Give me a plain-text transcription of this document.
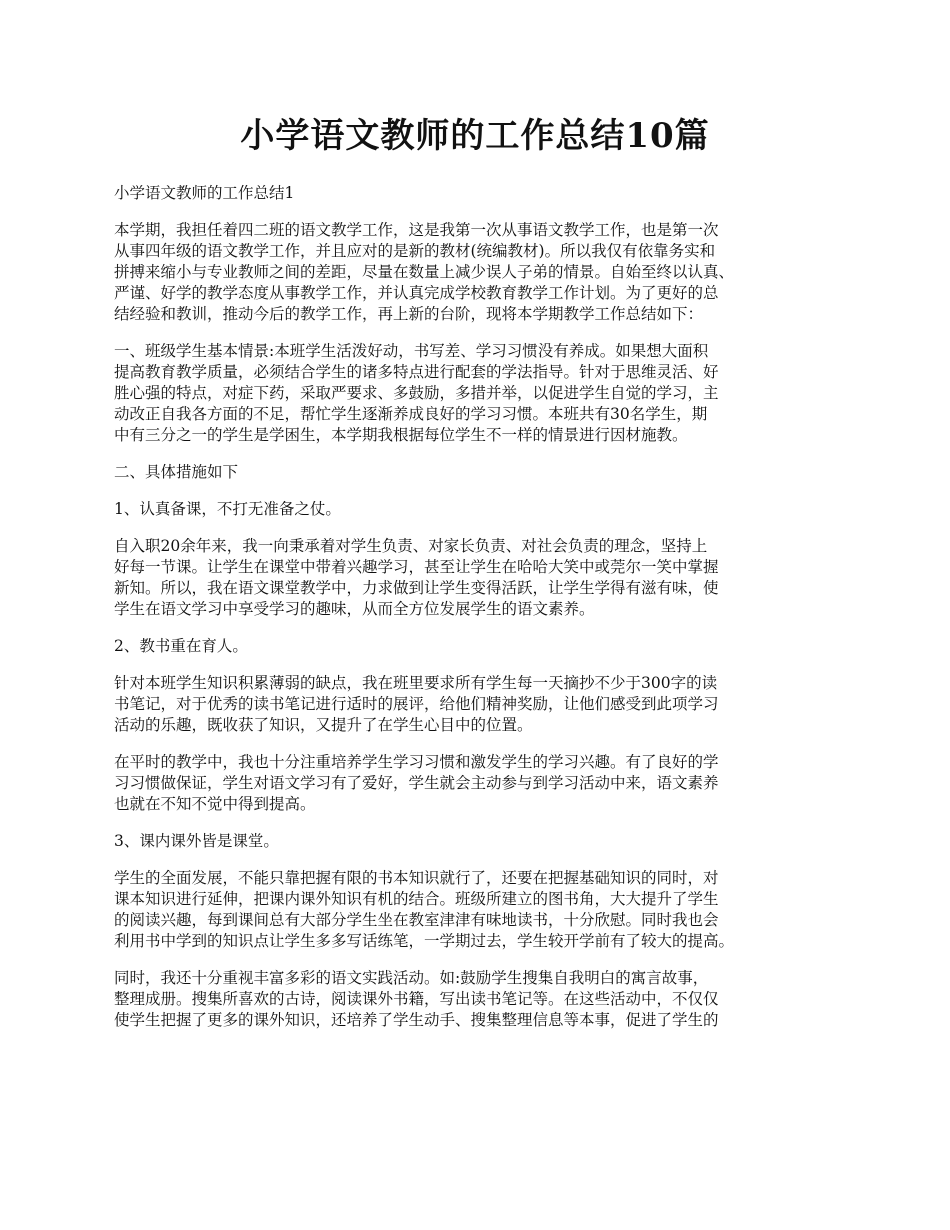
小学语文教师的工作总结10篇

小学语文教师的工作总结1

本学期，我担任着四二班的语文教学工作，这是我第一次从事语文教学工作，也是第一次
从事四年级的语文教学工作，并且应对的是新的教材(统编教材)。所以我仅有依靠务实和
拼搏来缩小与专业教师之间的差距，尽量在数量上减少误人子弟的情景。自始至终以认真、
严谨、好学的教学态度从事教学工作，并认真完成学校教育教学工作计划。为了更好的总
结经验和教训，推动今后的教学工作，再上新的台阶，现将本学期教学工作总结如下：

一、班级学生基本情景:本班学生活泼好动，书写差、学习习惯没有养成。如果想大面积
提高教育教学质量，必须结合学生的诸多特点进行配套的学法指导。针对于思维灵活、好
胜心强的特点，对症下药，采取严要求、多鼓励，多措并举，以促进学生自觉的学习，主
动改正自我各方面的不足，帮忙学生逐渐养成良好的学习习惯。本班共有30名学生，期
中有三分之一的学生是学困生，本学期我根据每位学生不一样的情景进行因材施教。

二、具体措施如下

1、认真备课，不打无准备之仗。

自入职20余年来，我一向秉承着对学生负责、对家长负责、对社会负责的理念，坚持上
好每一节课。让学生在课堂中带着兴趣学习，甚至让学生在哈哈大笑中或莞尔一笑中掌握
新知。所以，我在语文课堂教学中，力求做到让学生变得活跃，让学生学得有滋有味，使
学生在语文学习中享受学习的趣味，从而全方位发展学生的语文素养。

2、教书重在育人。

针对本班学生知识积累薄弱的缺点，我在班里要求所有学生每一天摘抄不少于300字的读
书笔记，对于优秀的读书笔记进行适时的展评，给他们精神奖励，让他们感受到此项学习
活动的乐趣，既收获了知识，又提升了在学生心目中的位置。

在平时的教学中，我也十分注重培养学生学习习惯和激发学生的学习兴趣。有了良好的学
习习惯做保证，学生对语文学习有了爱好，学生就会主动参与到学习活动中来，语文素养
也就在不知不觉中得到提高。

3、课内课外皆是课堂。

学生的全面发展，不能只靠把握有限的书本知识就行了，还要在把握基础知识的同时，对
课本知识进行延伸，把课内课外知识有机的结合。班级所建立的图书角，大大提升了学生
的阅读兴趣，每到课间总有大部分学生坐在教室津津有味地读书，十分欣慰。同时我也会
利用书中学到的知识点让学生多多写话练笔，一学期过去，学生较开学前有了较大的提高。

同时，我还十分重视丰富多彩的语文实践活动。如:鼓励学生搜集自我明白的寓言故事，
整理成册。搜集所喜欢的古诗，阅读课外书籍，写出读书笔记等。在这些活动中，不仅仅
使学生把握了更多的课外知识，还培养了学生动手、搜集整理信息等本事，促进了学生的
